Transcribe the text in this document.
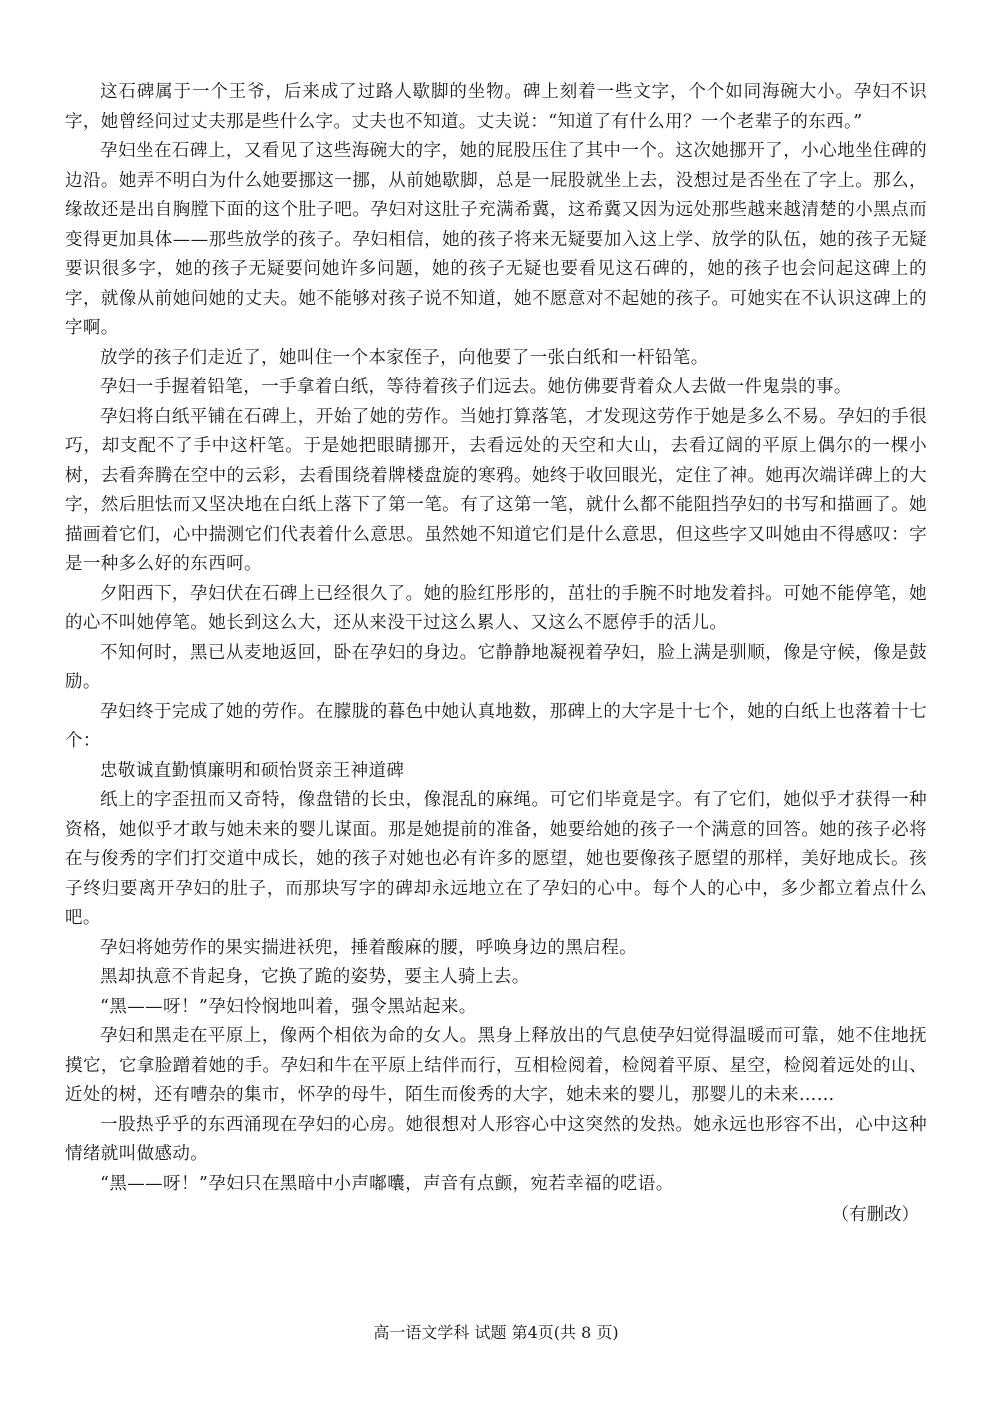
这石碑属于一个王爷，后来成了过路人歇脚的坐物。碑上刻着一些文字，个个如同海碗大小。孕妇不识字，她曾经问过丈夫那是些什么字。丈夫也不知道。丈夫说：“知道了有什么用？一个老辈子的东西。”

孕妇坐在石碑上，又看见了这些海碗大的字，她的屁股压住了其中一个。这次她挪开了，小心地坐住碑的边沿。她弄不明白为什么她要挪这一挪，从前她歇脚，总是一屁股就坐上去，没想过是否坐在了字上。那么，缘故还是出自胸膛下面的这个肚子吧。孕妇对这肚子充满希冀，这希冀又因为远处那些越来越清楚的小黑点而变得更加具体——那些放学的孩子。孕妇相信，她的孩子将来无疑要加入这上学、放学的队伍，她的孩子无疑要识很多字，她的孩子无疑要问她许多问题，她的孩子无疑也要看见这石碑的，她的孩子也会问起这碑上的字，就像从前她问她的丈夫。她不能够对孩子说不知道，她不愿意对不起她的孩子。可她实在不认识这碑上的字啊。

放学的孩子们走近了，她叫住一个本家侄子，向他要了一张白纸和一杆铅笔。

孕妇一手握着铅笔，一手拿着白纸，等待着孩子们远去。她仿佛要背着众人去做一件鬼祟的事。

孕妇将白纸平铺在石碑上，开始了她的劳作。当她打算落笔，才发现这劳作于她是多么不易。孕妇的手很巧，却支配不了手中这杆笔。于是她把眼睛挪开，去看远处的天空和大山，去看辽阔的平原上偶尔的一棵小树，去看奔腾在空中的云彩，去看围绕着牌楼盘旋的寒鸦。她终于收回眼光，定住了神。她再次端详碑上的大字，然后胆怯而又坚决地在白纸上落下了第一笔。有了这第一笔，就什么都不能阻挡孕妇的书写和描画了。她描画着它们，心中揣测它们代表着什么意思。虽然她不知道它们是什么意思，但这些字又叫她由不得感叹：字是一种多么好的东西呵。

夕阳西下，孕妇伏在石碑上已经很久了。她的脸红彤彤的，茁壮的手腕不时地发着抖。可她不能停笔，她的心不叫她停笔。她长到这么大，还从来没干过这么累人、又这么不愿停手的活儿。

不知何时，黑已从麦地返回，卧在孕妇的身边。它静静地凝视着孕妇，脸上满是驯顺，像是守候，像是鼓励。

孕妇终于完成了她的劳作。在朦胧的暮色中她认真地数，那碑上的大字是十七个，她的白纸上也落着十七个：

忠敬诚直勤慎廉明和硕怡贤亲王神道碑

纸上的字歪扭而又奇特，像盘错的长虫，像混乱的麻绳。可它们毕竟是字。有了它们，她似乎才获得一种资格，她似乎才敢与她未来的婴儿谋面。那是她提前的准备，她要给她的孩子一个满意的回答。她的孩子必将在与俊秀的字们打交道中成长，她的孩子对她也必有许多的愿望，她也要像孩子愿望的那样，美好地成长。孩子终归要离开孕妇的肚子，而那块写字的碑却永远地立在了孕妇的心中。每个人的心中，多少都立着点什么吧。

孕妇将她劳作的果实揣进袄兜，捶着酸麻的腰，呼唤身边的黑启程。

黑却执意不肯起身，它换了跪的姿势，要主人骑上去。

“黑——呀！”孕妇怜悯地叫着，强令黑站起来。

孕妇和黑走在平原上，像两个相依为命的女人。黑身上释放出的气息使孕妇觉得温暖而可靠，她不住地抚摸它，它拿脸蹭着她的手。孕妇和牛在平原上结伴而行，互相检阅着，检阅着平原、星空，检阅着远处的山、近处的树，还有嘈杂的集市，怀孕的母牛，陌生而俊秀的大字，她未来的婴儿，那婴儿的未来……

一股热乎乎的东西涌现在孕妇的心房。她很想对人形容心中这突然的发热。她永远也形容不出，心中这种情绪就叫做感动。

“黑——呀！”孕妇只在黑暗中小声嘟囔，声音有点颤，宛若幸福的呓语。

（有删改）

高一语文学科 试题 第4页(共 8 页)
